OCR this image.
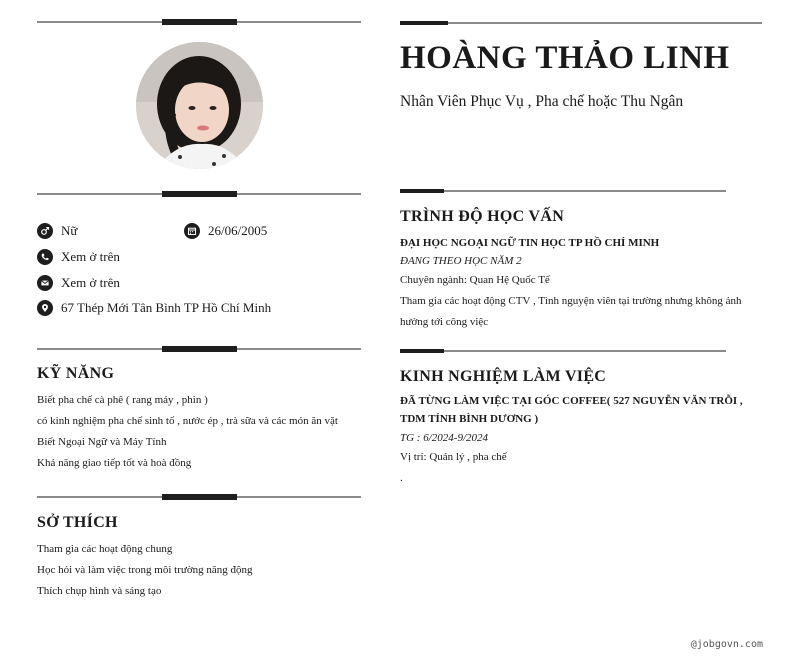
Nữ	26/06/2005
Xem ở trên
Xem ở trên
67 Thép Mới Tân Bình TP Hồ Chí Minh
KỸ NĂNG
Biết pha chế cà phê ( rang máy , phin )
có kinh nghiệm pha chế sinh tố , nước ép , trà sữa và các món ăn vặt
Biết Ngoại Ngữ và Máy Tính
Khả năng giao tiếp tốt và hoà đồng
SỞ THÍCH
Tham gia các hoạt động chung
Học hỏi và làm việc trong môi trường năng động
Thích chụp hình và sáng tạo
HOÀNG THẢO LINH
Nhân Viên Phục Vụ , Pha chế hoặc Thu Ngân
TRÌNH ĐỘ HỌC VẤN
ĐẠI HỌC NGOẠI NGỮ TIN HỌC TP HỒ CHÍ MINH
ĐANG THEO HỌC NĂM 2
Chuyên ngành: Quan Hệ Quốc Tế
Tham gia các hoạt động CTV , Tình nguyện viên tại trường nhưng không ảnh
hưởng tới công việc
KINH NGHIỆM LÀM VIỆC
ĐÃ TỪNG LÀM VIỆC TẠI GÓC COFFEE( 527 NGUYỄN VĂN TRỖI ,
TDM TỈNH BÌNH DƯƠNG )
TG : 6/2024-9/2024
Vị trí: Quản lý , pha chế
.
@jobgovn.com
